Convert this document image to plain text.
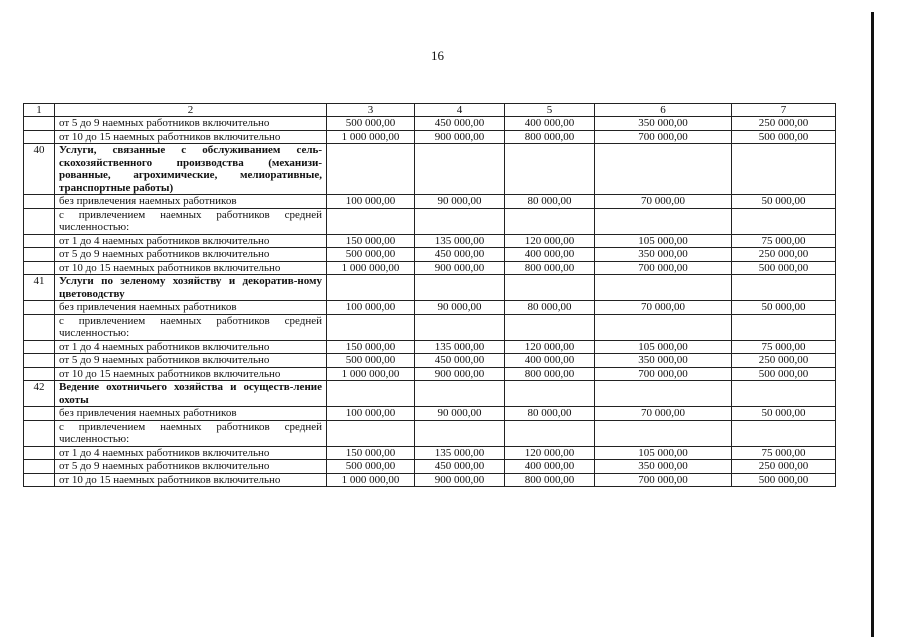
16
1	2	3	4	5	6	7
	от 5 до 9 наемных работников включительно	500 000,00	450 000,00	400 000,00	350 000,00	250 000,00
	от 10 до 15 наемных работников включительно	1 000 000,00	900 000,00	800 000,00	700 000,00	500 000,00
40	Услуги, связанные с обслуживанием сель-скохозяйственного производства (механизи-рованные, агрохимические, мелиоративные, транспортные работы)					
	без привлечения наемных работников	100 000,00	90 000,00	80 000,00	70 000,00	50 000,00
	с привлечением наемных работников средней численностью:					
	от 1 до 4 наемных работников включительно	150 000,00	135 000,00	120 000,00	105 000,00	75 000,00
	от 5 до 9 наемных работников включительно	500 000,00	450 000,00	400 000,00	350 000,00	250 000,00
	от 10 до 15 наемных работников включительно	1 000 000,00	900 000,00	800 000,00	700 000,00	500 000,00
41	Услуги по зеленому хозяйству и декоратив-ному цветоводству					
	без привлечения наемных работников	100 000,00	90 000,00	80 000,00	70 000,00	50 000,00
	с привлечением наемных работников средней численностью:					
	от 1 до 4 наемных работников включительно	150 000,00	135 000,00	120 000,00	105 000,00	75 000,00
	от 5 до 9 наемных работников включительно	500 000,00	450 000,00	400 000,00	350 000,00	250 000,00
	от 10 до 15 наемных работников включительно	1 000 000,00	900 000,00	800 000,00	700 000,00	500 000,00
42	Ведение охотничьего хозяйства и осуществ-ление охоты					
	без привлечения наемных работников	100 000,00	90 000,00	80 000,00	70 000,00	50 000,00
	с привлечением наемных работников средней численностью:					
	от 1 до 4 наемных работников включительно	150 000,00	135 000,00	120 000,00	105 000,00	75 000,00
	от 5 до 9 наемных работников включительно	500 000,00	450 000,00	400 000,00	350 000,00	250 000,00
	от 10 до 15 наемных работников включительно	1 000 000,00	900 000,00	800 000,00	700 000,00	500 000,00
